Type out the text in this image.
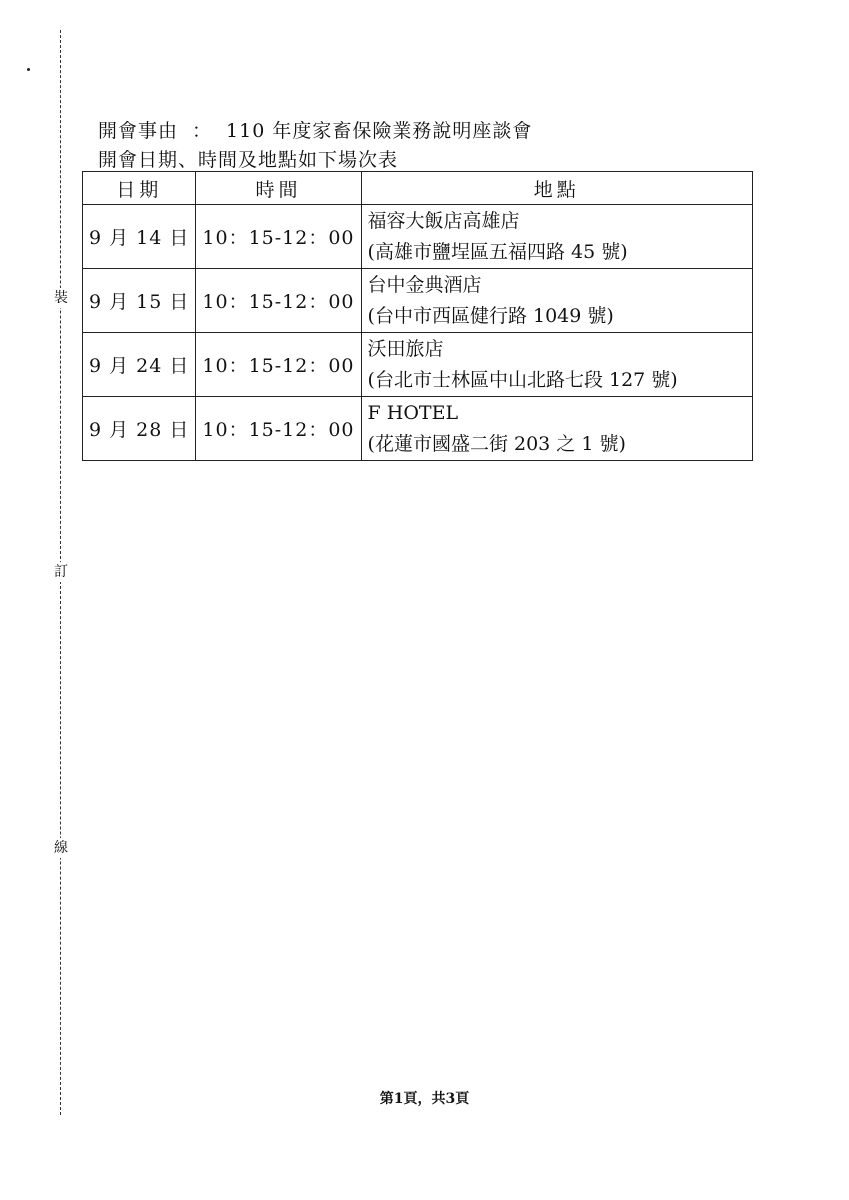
裝
訂
線
開會事由 ： 110 年度家畜保險業務說明座談會
開會日期、時間及地點如下場次表
日期	時間	地點
9 月 14 日	10：15-12：00	福容大飯店高雄店
(高雄市鹽埕區五福四路 45 號)

9 月 15 日	10：15-12：00	台中金典酒店
(台中市西區健行路 1049 號)

9 月 24 日	10：15-12：00	沃田旅店
(台北市士林區中山北路七段 127 號)

9 月 28 日	10：15-12：00	F HOTEL
(花蓮市國盛二街 203 之 1 號)
第1頁，共3頁
